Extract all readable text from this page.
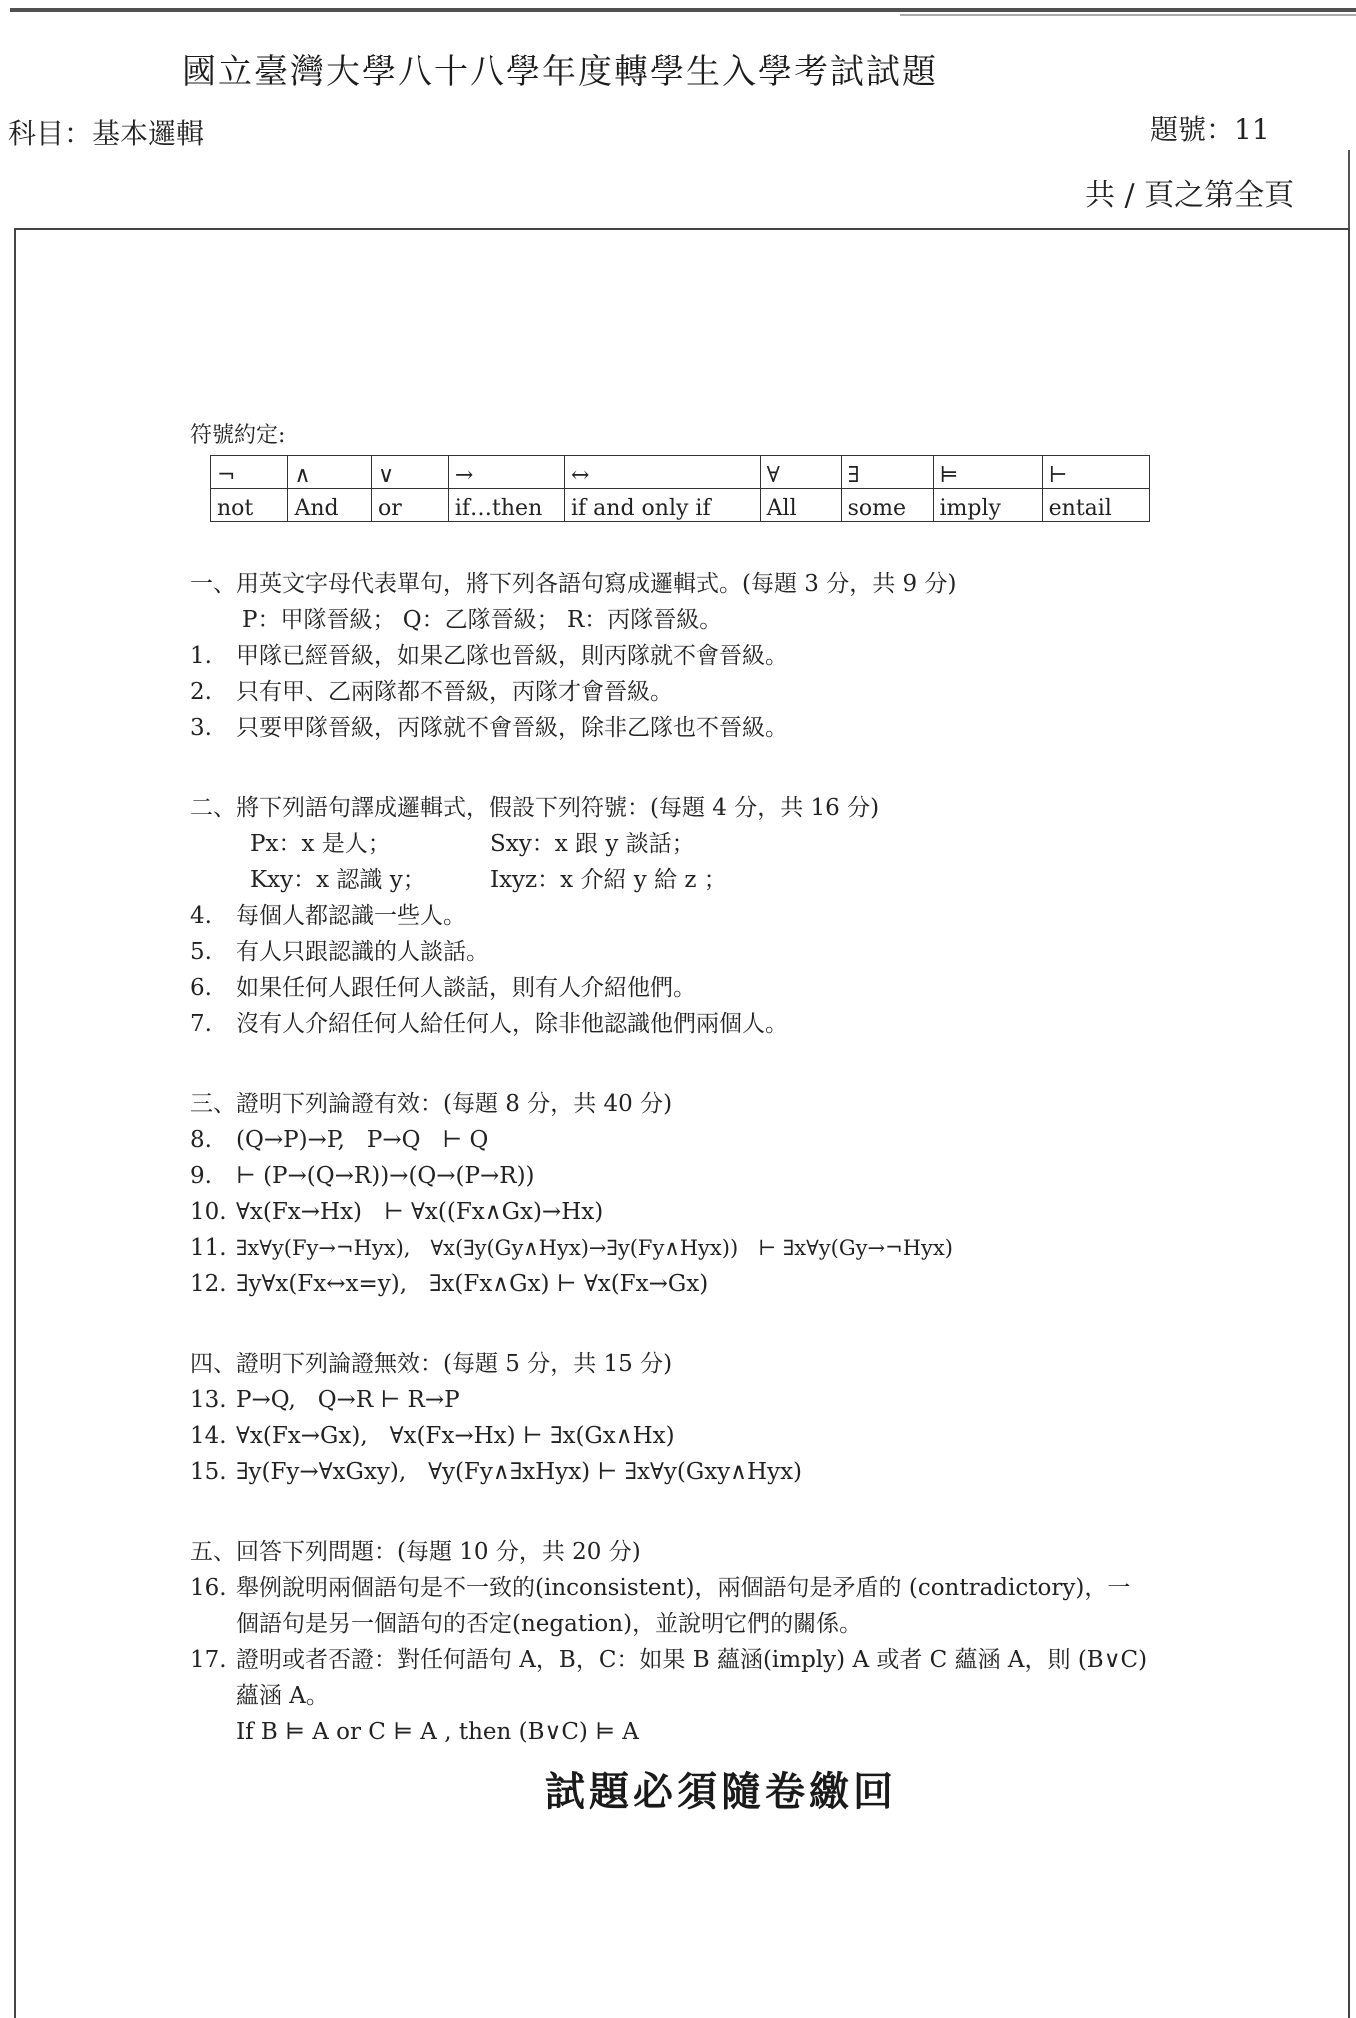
國立臺灣大學八十八學年度轉學生入學考試試題
科目：基本邏輯	題號：11
共 / 頁之第全頁
符號約定:
¬	∧	∨	→	↔	∀	∃	⊨	⊢
not	And	or	if…then	if and only if	All	some	imply	entail
一、用英文字母代表單句，將下列各語句寫成邏輯式。(每題 3 分，共 9 分)
P：甲隊晉級； Q：乙隊晉級； R：丙隊晉級。
1.	甲隊已經晉級，如果乙隊也晉級，則丙隊就不會晉級。
2.	只有甲、乙兩隊都不晉級，丙隊才會晉級。
3.	只要甲隊晉級，丙隊就不會晉級，除非乙隊也不晉級。
二、將下列語句譯成邏輯式，假設下列符號：(每題 4 分，共 16 分)
Px：x 是人；	Sxy：x 跟 y 談話；
Kxy：x 認識 y；	Ixyz：x 介紹 y 給 z ；
4.	每個人都認識一些人。
5.	有人只跟認識的人談話。
6.	如果任何人跟任何人談話，則有人介紹他們。
7.	沒有人介紹任何人給任何人，除非他認識他們兩個人。
三、證明下列論證有效：(每題 8 分，共 40 分)
8.	(Q→P)→P,   P→Q   ⊢ Q
9.	⊢ (P→(Q→R))→(Q→(P→R))
10. ∀x(Fx→Hx)   ⊢ ∀x((Fx∧Gx)→Hx)
11. ∃x∀y(Fy→¬Hyx),   ∀x(∃y(Gy∧Hyx)→∃y(Fy∧Hyx))   ⊢ ∃x∀y(Gy→¬Hyx)
12. ∃y∀x(Fx↔x=y),   ∃x(Fx∧Gx) ⊢ ∀x(Fx→Gx)
四、證明下列論證無效：(每題 5 分，共 15 分)
13. P→Q,   Q→R ⊢ R→P
14. ∀x(Fx→Gx),   ∀x(Fx→Hx) ⊢ ∃x(Gx∧Hx)
15. ∃y(Fy→∀xGxy),   ∀y(Fy∧∃xHyx) ⊢ ∃x∀y(Gxy∧Hyx)
五、回答下列問題：(每題 10 分，共 20 分)
16. 舉例說明兩個語句是不一致的(inconsistent)，兩個語句是矛盾的 (contradictory)，一個語句是另一個語句的否定(negation)，並說明它們的關係。
17. 證明或者否證：對任何語句 A，B，C：如果 B 蘊涵(imply) A 或者 C 蘊涵 A，則 (B∨C) 蘊涵 A。
If B ⊨ A or C ⊨ A , then (B∨C) ⊨ A
試題必須隨卷繳回
